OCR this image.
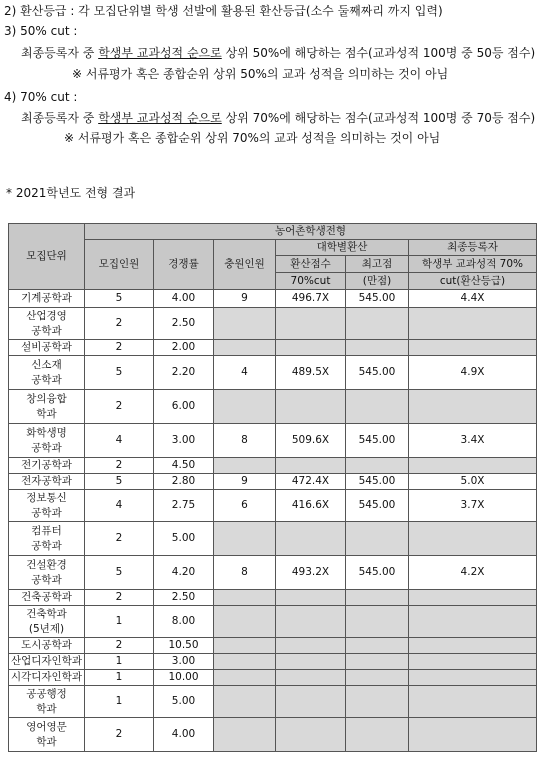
2) 환산등급 : 각 모집단위별 학생 선발에 활용된 환산등급(소수 둘째짜리 까지 입력)
3) 50% cut :
최종등록자 중 학생부 교과성적 순으로 상위 50%에 해당하는 점수(교과성적 100명 중 50등 점수)
※ 서류평가 혹은 종합순위 상위 50%의 교과 성적을 의미하는 것이 아님
4) 70% cut :
최종등록자 중 학생부 교과성적 순으로 상위 70%에 해당하는 점수(교과성적 100명 중 70등 점수)
※ 서류평가 혹은 종합순위 상위 70%의 교과 성적을 의미하는 것이 아님
* 2021학년도 전형 결과
모집단위	농어촌학생전형					
	모집인원	경쟁률	충원인원	대학별환산		최종등록자
				환산점수	최고점	학생부 교과성적 70%
				70%cut	(만점)	cut(환산등급)

기계공학과	5	4.00	9	496.7X	545.00	4.4X

산업경영
공학과	2	2.50				

설비공학과	2	2.00				

신소재
공학과	5	2.20	4	489.5X	545.00	4.9X

창의융합
학과	2	6.00				

화학생명
공학과	4	3.00	8	509.6X	545.00	3.4X

전기공학과	2	4.50				

전자공학과	5	2.80	9	472.4X	545.00	5.0X

정보통신
공학과	4	2.75	6	416.6X	545.00	3.7X

컴퓨터
공학과	2	5.00				

건설환경
공학과	5	4.20	8	493.2X	545.00	4.2X

건축공학과	2	2.50				

건축학과
(5년제)	1	8.00				

도시공학과	2	10.50				

산업디자인학과	1	3.00				

시각디자인학과	1	10.00				

공공행정
학과	1	5.00				

영어영문
학과	2	4.00				
